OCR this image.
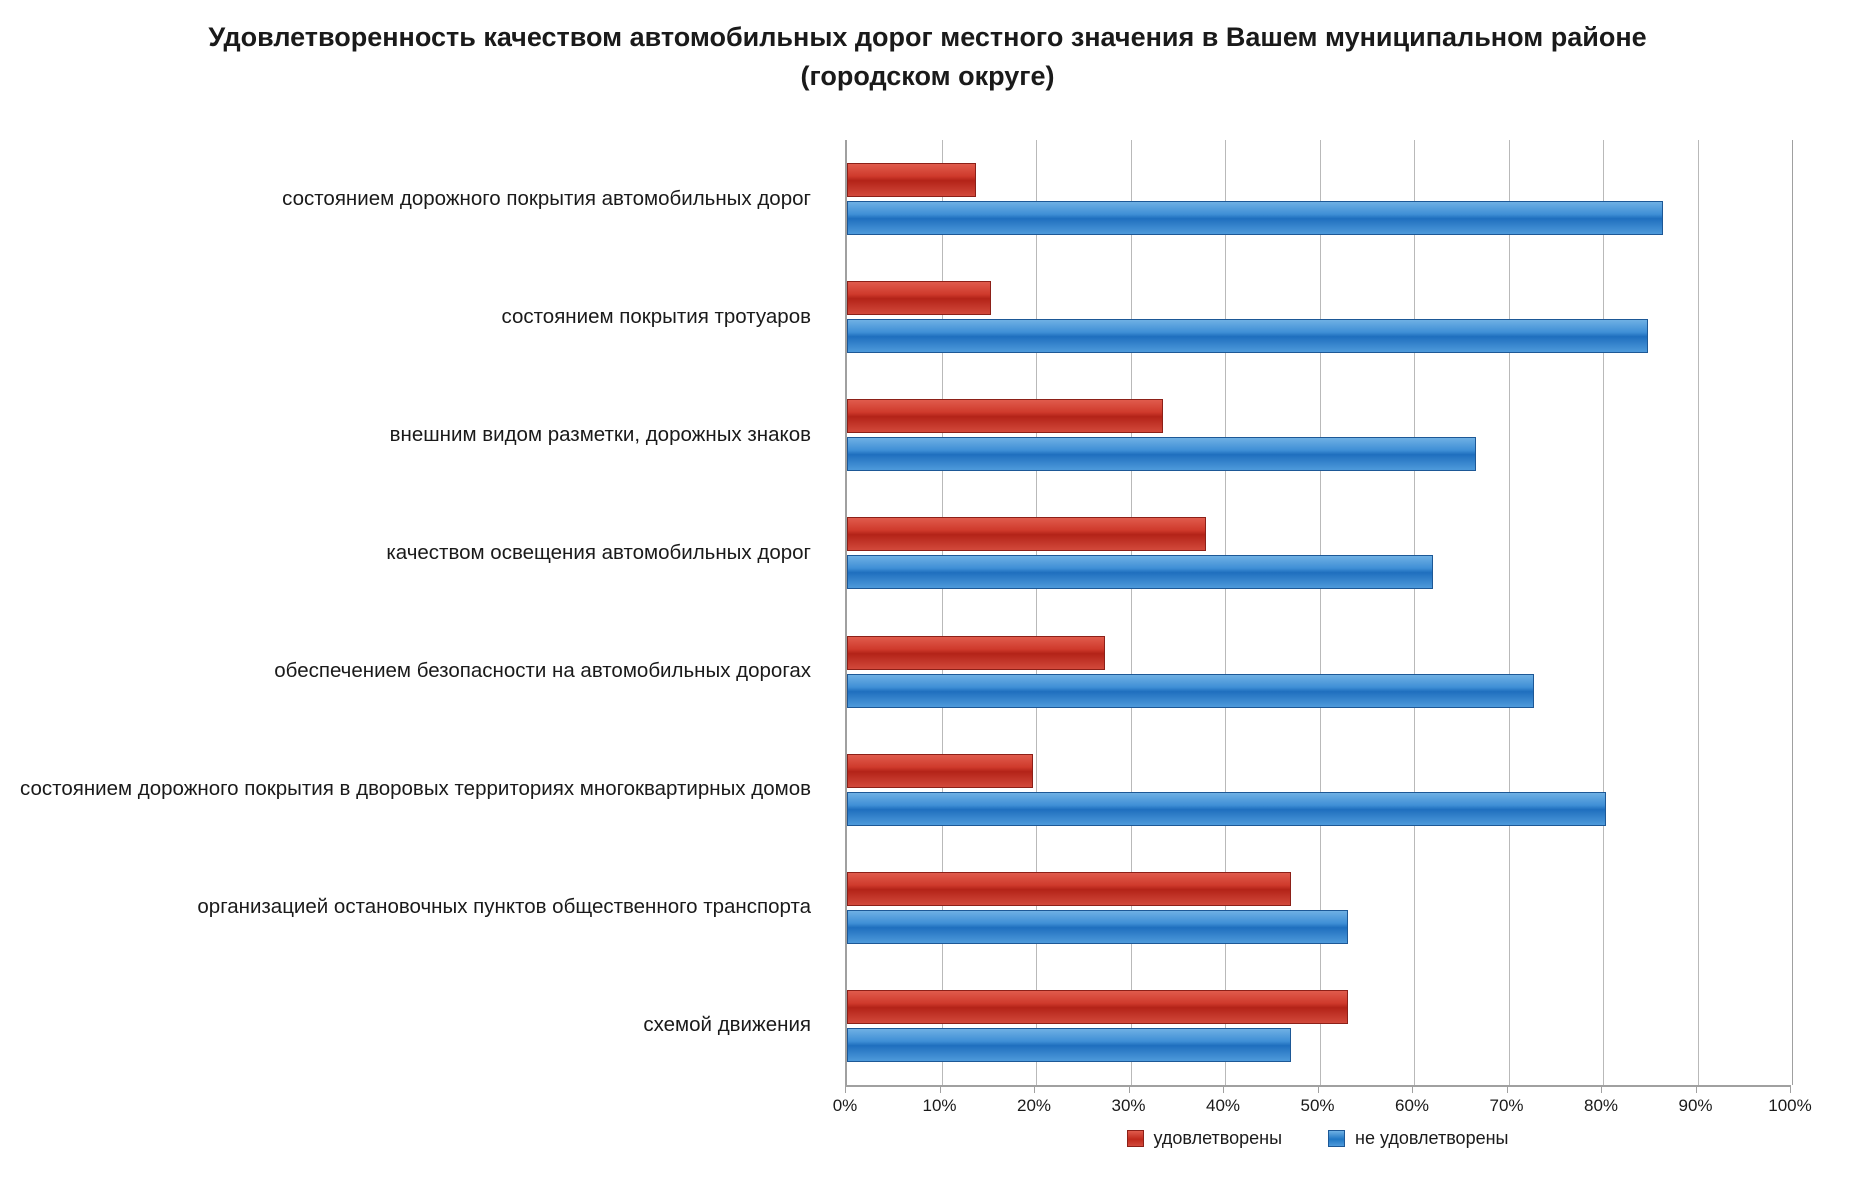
Удовлетворенность качеством автомобильных дорог местного значения в Вашем муниципальном районе (городском округе)
состоянием дорожного покрытия автомобильных дорог
состоянием покрытия тротуаров
внешним видом разметки, дорожных знаков
качеством освещения автомобильных дорог
обеспечением безопасности на автомобильных дорогах
состоянием дорожного покрытия в дворовых территориях многоквартирных домов
организацией остановочных пунктов общественного транспорта
схемой движения
0%	10%	20%	30%	40%	50%	60%	70%	80%	90%	100%
удовлетворены	не удовлетворены
